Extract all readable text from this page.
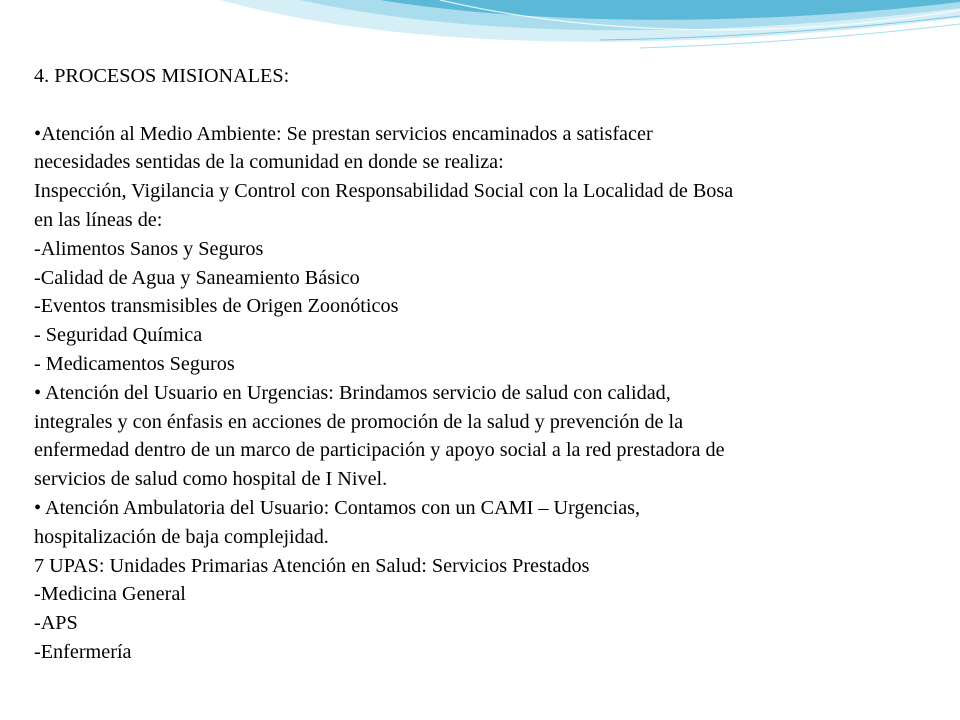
4. PROCESOS MISIONALES:
•Atención al Medio Ambiente: Se prestan servicios encaminados a satisfacer
necesidades sentidas de la comunidad en donde se realiza:
Inspección, Vigilancia y Control con Responsabilidad Social con la Localidad de Bosa
en las líneas de:
-Alimentos Sanos y Seguros
-Calidad de Agua y Saneamiento Básico
-Eventos transmisibles de Origen Zoonóticos
- Seguridad Química
- Medicamentos Seguros
• Atención del Usuario en Urgencias: Brindamos servicio de salud con calidad,
integrales y con énfasis en acciones de promoción de la salud y prevención de la
enfermedad dentro de un marco de participación y apoyo social a la red prestadora de
servicios de salud como hospital de I Nivel.
• Atención Ambulatoria del Usuario: Contamos con un CAMI – Urgencias,
hospitalización de baja complejidad.
7 UPAS: Unidades Primarias Atención en Salud: Servicios Prestados
-Medicina General
-APS
-Enfermería
